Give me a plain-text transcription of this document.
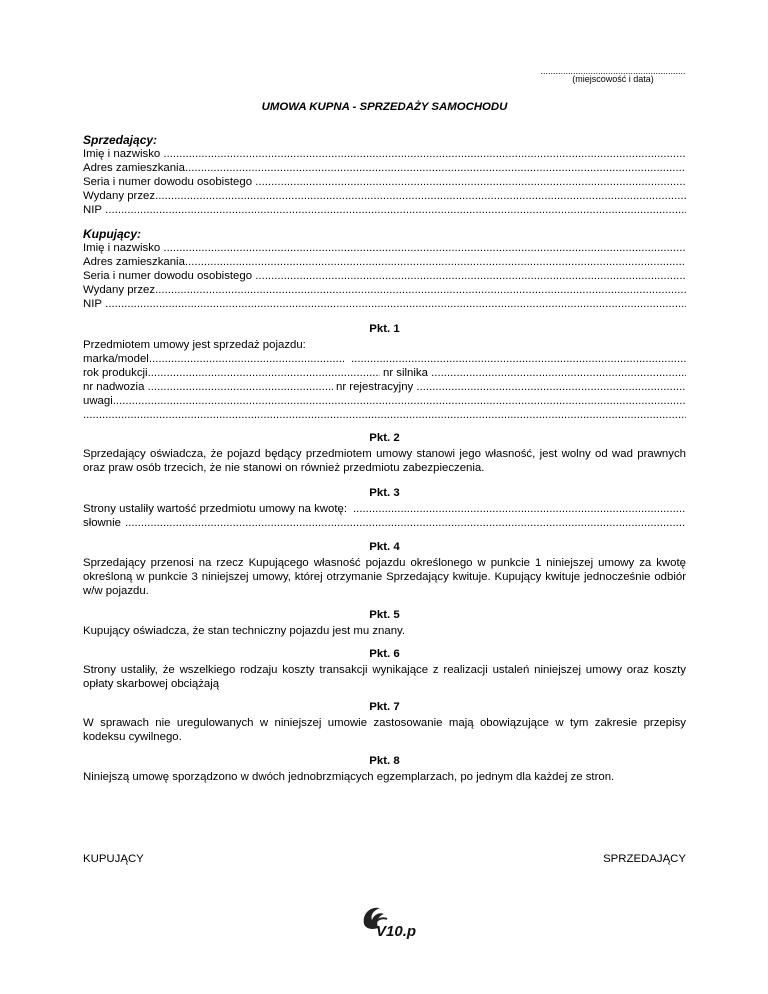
..........................................................
(miejscowość i data)
UMOWA KUPNA - SPRZEDAŻY SAMOCHODU
Sprzedający:
Imię i nazwisko
.....
Adres zamieszkania
.....
Seria i numer dowodu osobistego
.....
Wydany przez
.....
NIP
.....
Kupujący:
Imię i nazwisko
.....
Adres zamieszkania
.....
Seria i numer dowodu osobistego
.....
Wydany przez
.....
NIP
.....
Pkt. 1
Przedmiotem umowy jest sprzedaż pojazdu:
marka/model
.....
.....
rok produkcji .....	nr silnika
.....
nr nadwozia .....	nr rejestracyjny
.....
uwagi
.....
.....
Pkt. 2
Sprzedający oświadcza, że pojazd będący przedmiotem umowy stanowi jego własność, jest wolny od wad prawnych oraz praw osób trzecich, że nie stanowi on również przedmiotu zabezpieczenia.
Pkt. 3
Strony ustaliły wartość przedmiotu umowy na kwotę:
.....
słownie
.....
Pkt. 4
Sprzedający przenosi na rzecz Kupującego własność pojazdu określonego w punkcie 1 niniejszej umowy za kwotę określoną w punkcie 3 niniejszej umowy, której otrzymanie Sprzedający kwituje. Kupujący kwituje jednocześnie odbiór w/w pojazdu.
Pkt. 5
Kupujący oświadcza, że stan techniczny pojazdu jest mu znany.
Pkt. 6
Strony ustaliły, że wszelkiego rodzaju koszty transakcji wynikające z realizacji ustaleń niniejszej umowy oraz koszty opłaty skarbowej obciążają
Pkt. 7
W sprawach nie uregulowanych w niniejszej umowie zastosowanie mają obowiązujące w tym zakresie przepisy kodeksu cywilnego.
Pkt. 8
Niniejszą umowę sporządzono w dwóch jednobrzmiących egzemplarzach, po jednym dla każdej ze stron.
KUPUJĄCY	SPRZEDAJĄCY
V10.pl
